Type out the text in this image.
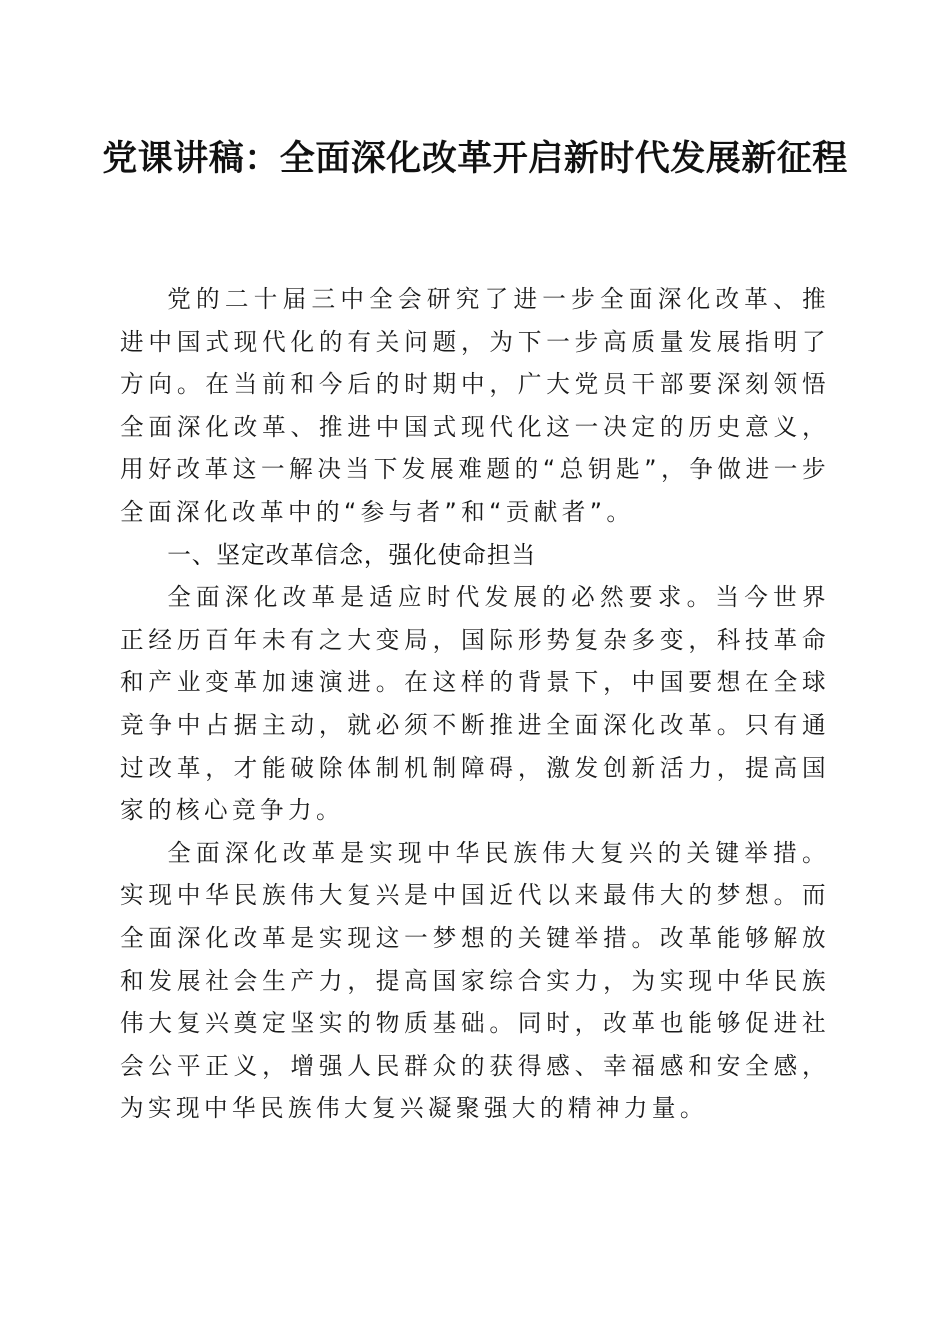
党课讲稿：全面深化改革开启新时代发展新征程

党的二十届三中全会研究了进一步全面深化改革、推进中国式现代化的有关问题，为下一步高质量发展指明了方向。在当前和今后的时期中，广大党员干部要深刻领悟全面深化改革、推进中国式现代化这一决定的历史意义，用好改革这一解决当下发展难题的“总钥匙”，争做进一步全面深化改革中的“参与者”和“贡献者”。

一、坚定改革信念，强化使命担当

全面深化改革是适应时代发展的必然要求。当今世界正经历百年未有之大变局，国际形势复杂多变，科技革命和产业变革加速演进。在这样的背景下，中国要想在全球竞争中占据主动，就必须不断推进全面深化改革。只有通过改革，才能破除体制机制障碍，激发创新活力，提高国家的核心竞争力。

全面深化改革是实现中华民族伟大复兴的关键举措。实现中华民族伟大复兴是中国近代以来最伟大的梦想。而全面深化改革是实现这一梦想的关键举措。改革能够解放和发展社会生产力，提高国家综合实力，为实现中华民族伟大复兴奠定坚实的物质基础。同时，改革也能够促进社会公平正义，增强人民群众的获得感、幸福感和安全感，为实现中华民族伟大复兴凝聚强大的精神力量。
